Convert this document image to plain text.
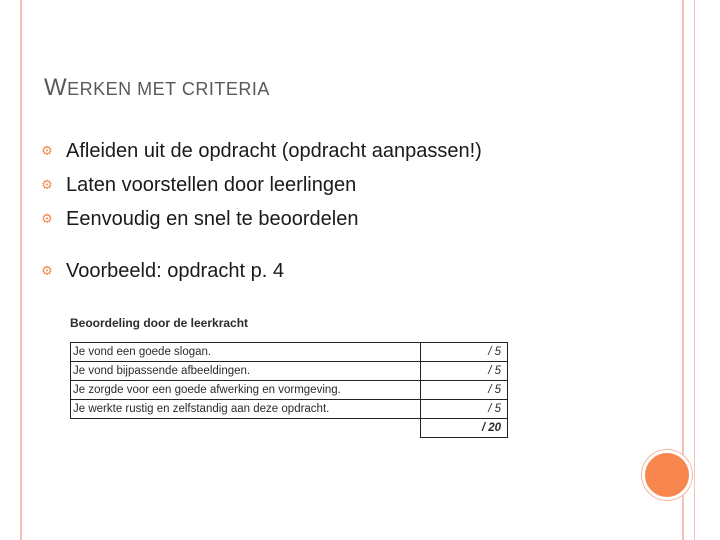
WERKEN MET CRITERIA
⚙ Afleiden uit de opdracht (opdracht aanpassen!)
⚙ Laten voorstellen door leerlingen
⚙ Eenvoudig en snel te beoordelen
⚙ Voorbeeld: opdracht p. 4
Beoordeling door de leerkracht
Je vond een goede slogan.	/ 5
Je vond bijpassende afbeeldingen.	/ 5
Je zorgde voor een goede afwerking en vormgeving.	/ 5
Je werkte rustig en zelfstandig aan deze opdracht.	/ 5
	/ 20
